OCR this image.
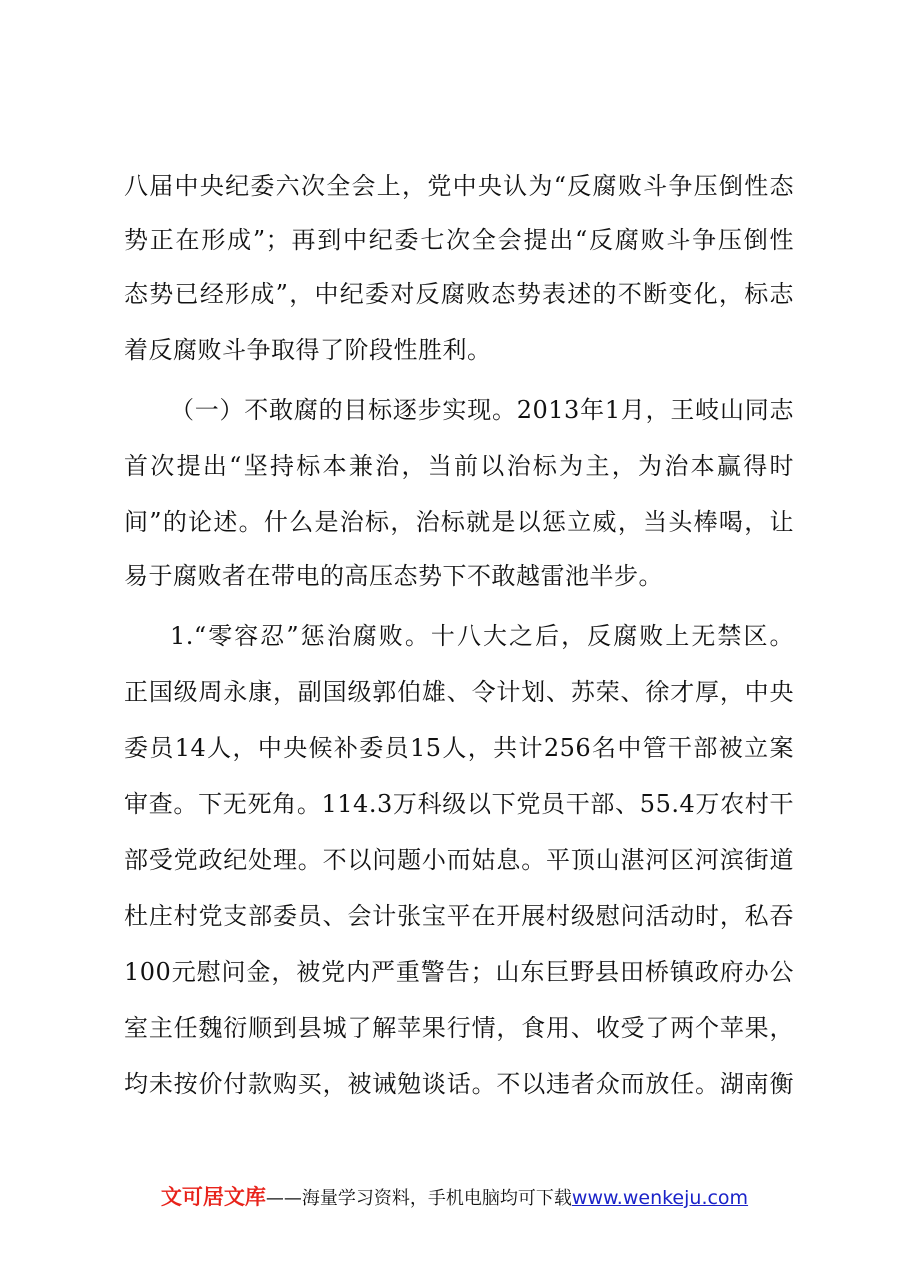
八届中央纪委六次全会上，党中央认为“反腐败斗争压倒性态
势正在形成”；再到中纪委七次全会提出“反腐败斗争压倒性
态势已经形成”，中纪委对反腐败态势表述的不断变化，标志
着反腐败斗争取得了阶段性胜利。
（一）不敢腐的目标逐步实现。2013年1月，王岐山同志
首次提出“坚持标本兼治，当前以治标为主，为治本赢得时
间”的论述。什么是治标，治标就是以惩立威，当头棒喝，让
易于腐败者在带电的高压态势下不敢越雷池半步。
1.“零容忍”惩治腐败。十八大之后，反腐败上无禁区。
正国级周永康，副国级郭伯雄、令计划、苏荣、徐才厚，中央
委员14人，中央候补委员15人，共计256名中管干部被立案
审查。下无死角。114.3万科级以下党员干部、55.4万农村干
部受党政纪处理。不以问题小而姑息。平顶山湛河区河滨街道
杜庄村党支部委员、会计张宝平在开展村级慰问活动时，私吞
100元慰问金，被党内严重警告；山东巨野县田桥镇政府办公
室主任魏衍顺到县城了解苹果行情，食用、收受了两个苹果，
均未按价付款购买，被诫勉谈话。不以违者众而放任。湖南衡
文可居文库——海量学习资料，手机电脑均可下载www.wenkeju.com
